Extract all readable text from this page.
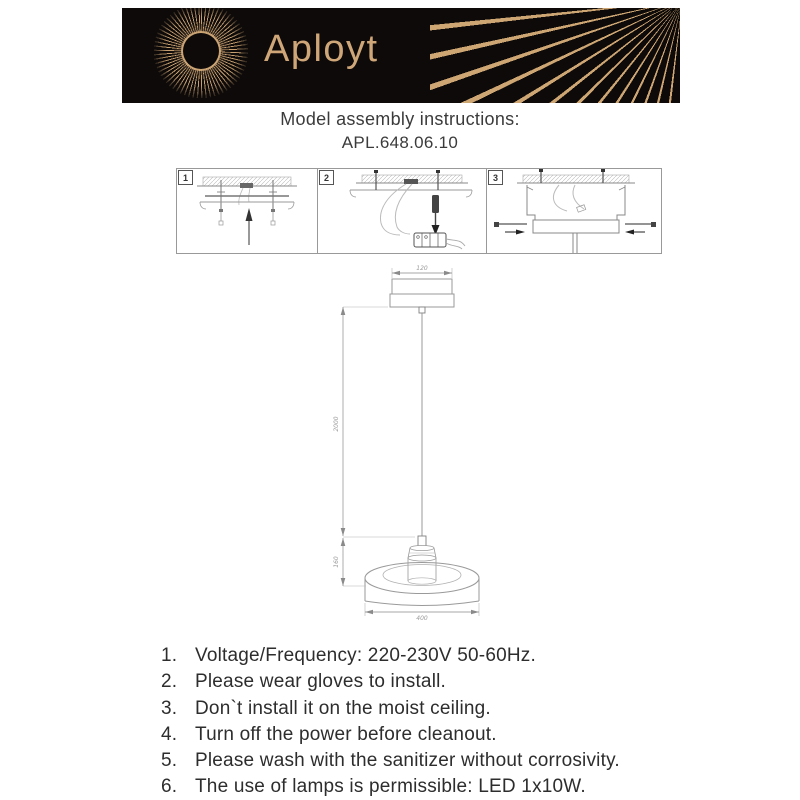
Aployt
Model assembly instructions:
APL.648.06.10
1	2	3
120
2000
160
400
1. Voltage/Frequency: 220-230V 50-60Hz.
2. Please wear gloves to install.
3. Don`t install it on the moist ceiling.
4. Turn off the power before cleanout.
5. Please wash with the sanitizer without corrosivity.
6. The use of lamps is permissible: LED 1x10W.
